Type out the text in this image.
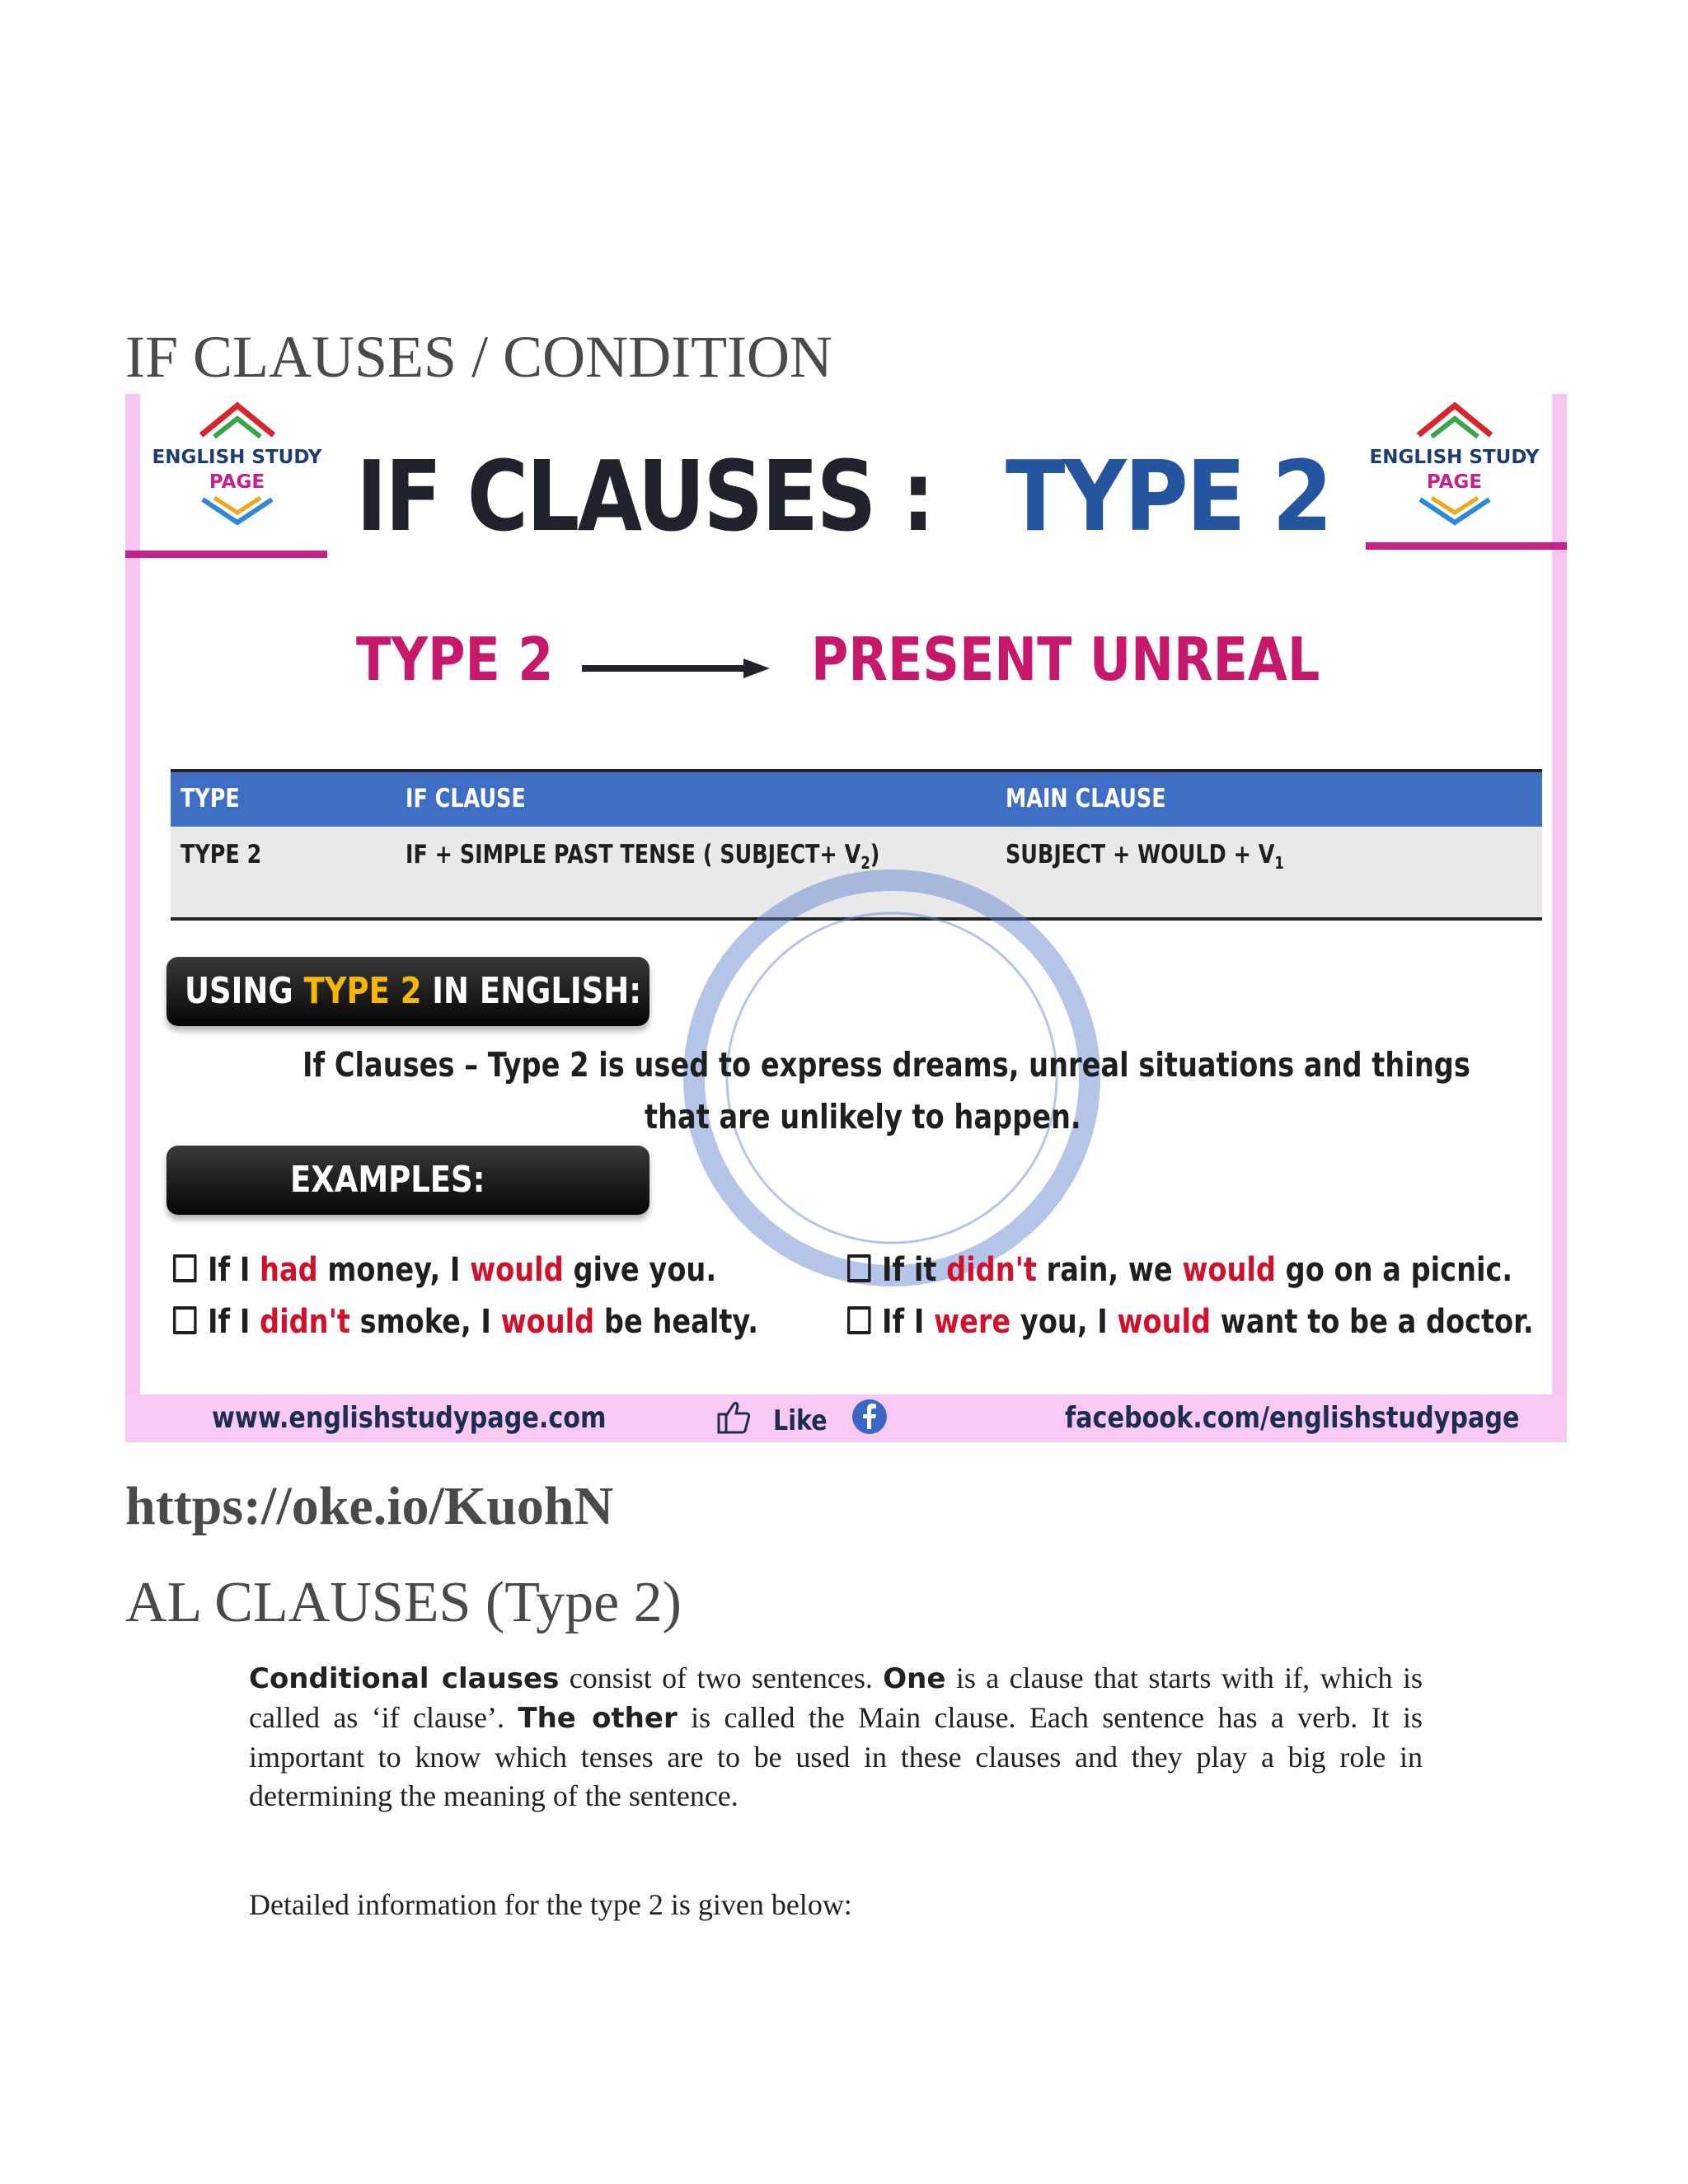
IF CLAUSES / CONDITION
ENGLISH STUDY
PAGE
ENGLISH STUDY
PAGE
IF CLAUSES : TYPE 2
TYPE 2	PRESENT UNREAL
TYPE	IF CLAUSE	MAIN CLAUSE
TYPE 2	IF + SIMPLE PAST TENSE ( SUBJECT+ $V_2$)	SUBJECT + WOULD + $V_1$
USING TYPE 2 IN ENGLISH:
If Clauses – Type 2 is used to express dreams, unreal situations and things
that are unlikely to happen.
EXAMPLES:
If I had money, I would give you.
If I didn't smoke, I would be healty.
If it didn't rain, we would go on a picnic.
If I were you, I would want to be a doctor.
www.englishstudypage.com	Like	facebook.com/englishstudypage
https://oke.io/KuohN
AL CLAUSES (Type 2)
Conditional clauses consist of two sentences. One is a clause that starts with if, which is called as ‘if clause’. The other is called the Main clause. Each sentence has a verb. It is important to know which tenses are to be used in these clauses and they play a big role in determining the meaning of the sentence.
Detailed information for the type 2 is given below:
